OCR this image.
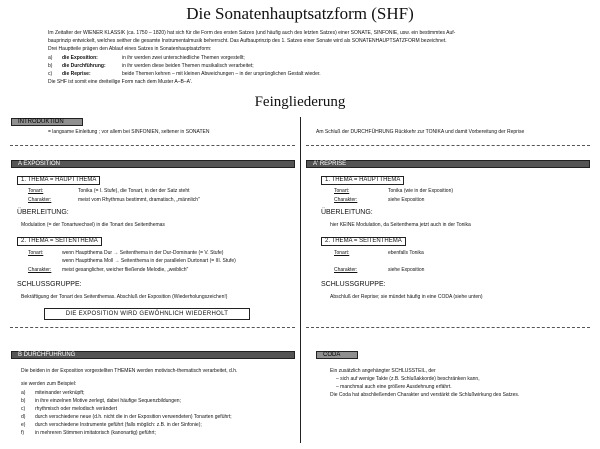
Die Sonatenhauptsatzform (SHF)
Im Zeitalter der WIENER KLASSIK (ca. 1750 – 1820) hat sich für die Form des ersten Satzes (und häufig auch des letzten Satzes) einer SONATE, SINFONIE, usw. ein bestimmtes Auf-
bauprinzip entwickelt, welches seither die gesamte Instrumentalmusik beherrscht. Das Aufbauprinzip des 1. Satzes einer Sonate wird als SONATENHAUPTSATZFORM bezeichnet.
Drei Hauptteile prägen den Ablauf eines Satzes in Sonatenhauptsatzform:
a) die Exposition:	in ihr werden zwei unterschiedliche Themen vorgestellt;
b) die Durchführung:	in ihr werden diese beiden Themen musikalisch verarbeitet;
c) die Reprise:	beide Themen kehren – mit kleinen Abweichungen – in der ursprünglichen Gestalt wieder.
Die SHF ist somit eine dreiteilige Form nach dem Muster A–B–A'.
Feingliederung
INTRODUKTION
= langsame Einleitung ; vor allem bei SINFONIEN, seltener in SONATEN	Am Schluß der DURCHFÜHRUNG Rückkehr zur TONIKA und damit Vorbereitung der Reprise
A EXPOSITION
1. THEMA = HAUPTTHEMA
Tonart:	Tonika (= I. Stufe), die Tonart, in der der Satz steht
Charakter:	meist vom Rhythmus bestimmt, dramatisch, „männlich"
ÜBERLEITUNG:
Modulation (= der Tonartwechsel) in die Tonart des Seitenthemas
2. THEMA = SEITENTHEMA
Tonart:	wenn Hauptthema Dur → Seitenthema in der Dur-Dominante (= V. Stufe)
wenn Hauptthema Moll → Seitenthema in der parallelen Durtonart (= III. Stufe)
Charakter: meist gesanglicher, weicher fließende Melodie, „weiblich"
SCHLUSSGRUPPE:
Bekräftigung der Tonart des Seitenthemas. Abschluß der Exposition (Wiederholungszeichen!)
DIE EXPOSITION WIRD GEWÖHNLICH WIEDERHOLT
A' REPRISE
1. THEMA = HAUPTTHEMA
Tonart:	Tonika (wie in der Exposition)
Charakter:	siehe Exposition
ÜBERLEITUNG:
hier KEINE Modulation, da Seitenthema jetzt auch in der Tonika
2. THEMA = SEITENTHEMA
Tonart:	ebenfalls Tonika
Charakter:	siehe Exposition
SCHLUSSGRUPPE:
Abschluß der Reprise; sie mündet häufig in eine CODA (siehe unten)
B DURCHFÜHRUNG
Die beiden in der Exposition vorgestellten THEMEN werden motivisch-thematisch verarbeitet, d.h.
sie werden zum Beispiel:
a) miteinander verknüpft;
b) in ihre einzelnen Motive zerlegt, dabei häufige Sequenzbildungen;
c) rhythmisch oder melodisch verändert
d) durch verschiedene neue (d.h. nicht die in der Exposition verwendeten) Tonarten geführt;
e) durch verschiedene Instrumente geführt (falls möglich: z.B. in der Sinfonie);
f) in mehreren Stimmen imitatorisch (kanonartig) geführt;
CODA
Ein zusätzlich angehängter SCHLUSSTEIL, der
– sich auf wenige Takte (z.B. Schlußakkorde) beschränken kann,
– manchmal auch eine größere Ausdehnung erfährt.
Die Coda hat abschließenden Charakter und verstärkt die Schlußwirkung des Satzes.
